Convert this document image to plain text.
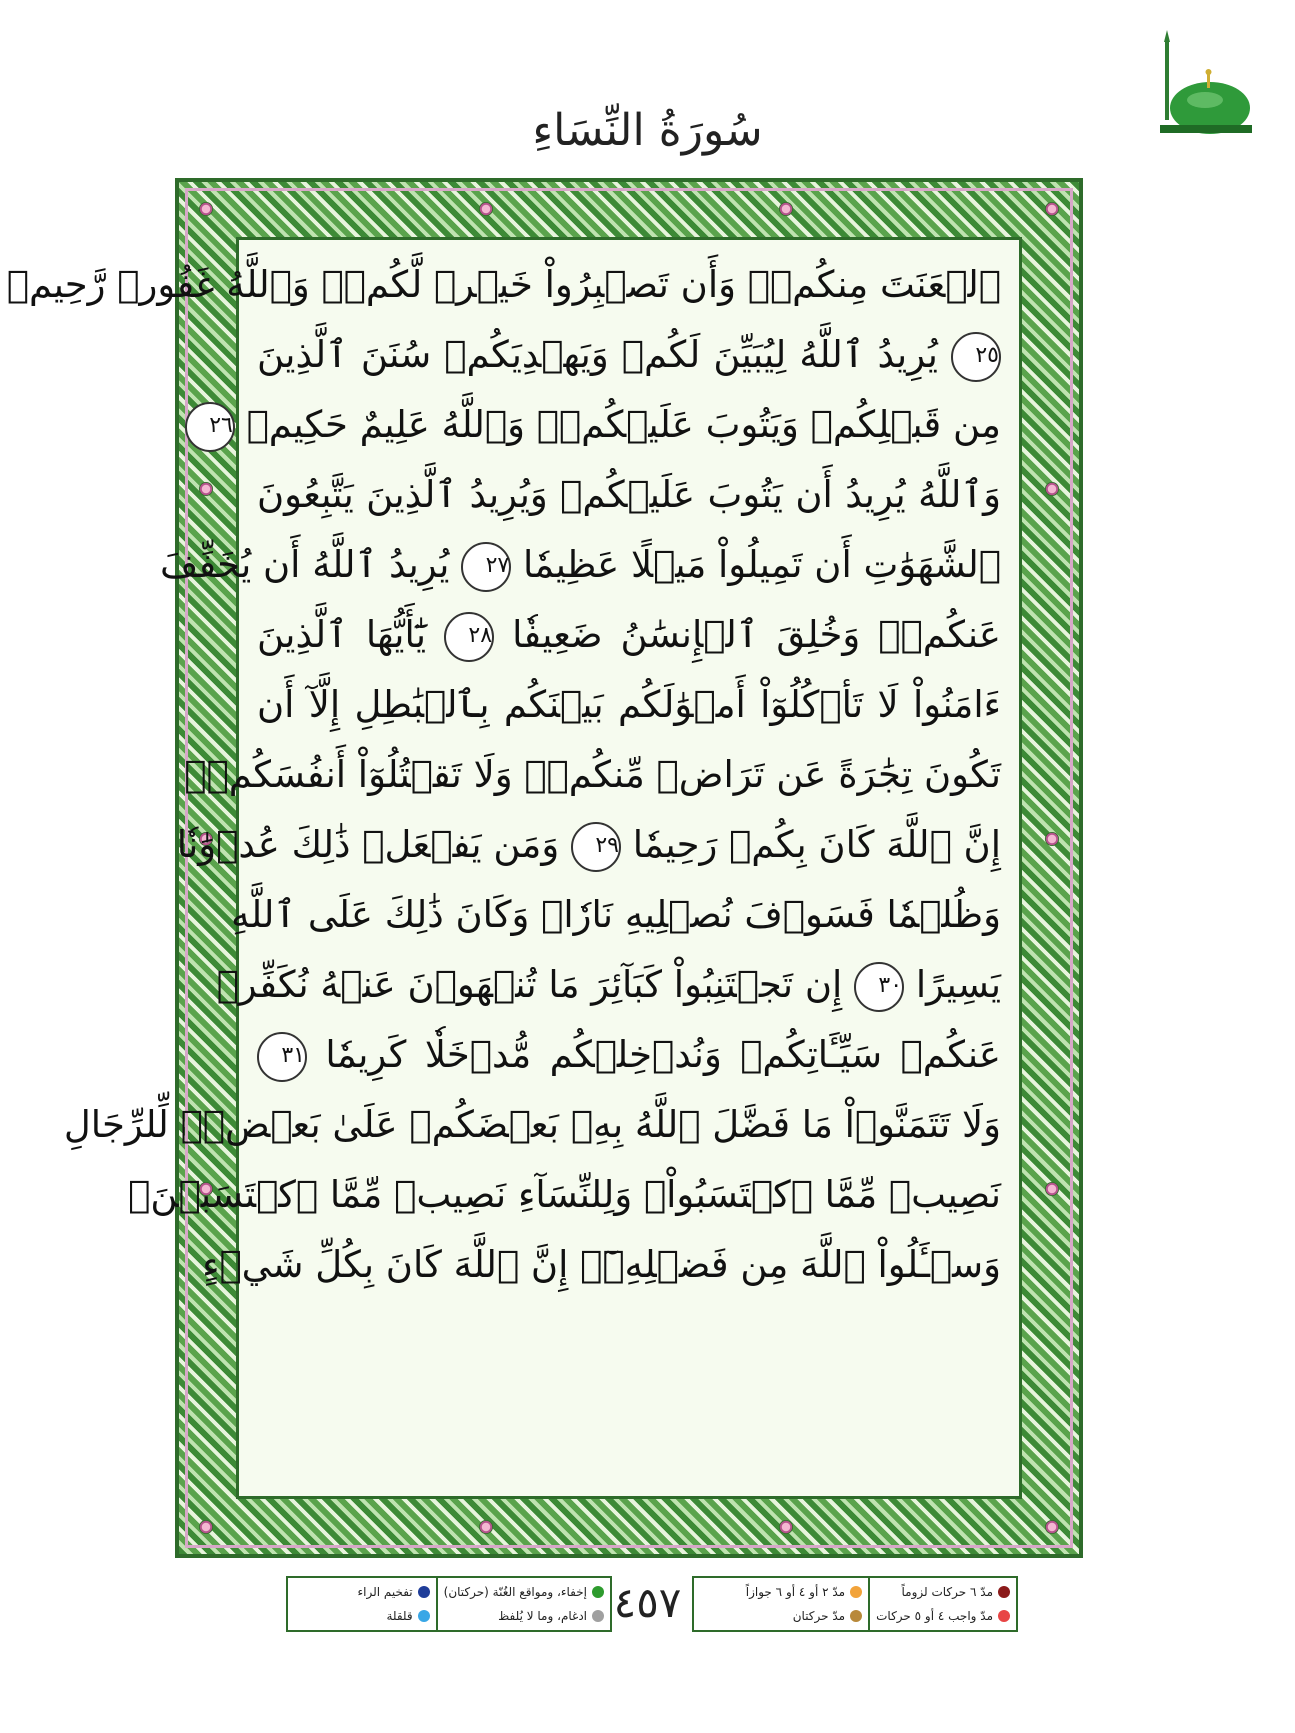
سُورَةُ النِّسَاءِ
ٱلۡعَنَتَ مِنكُمۡۚ وَأَن تَصۡبِرُواْ خَيۡرٞ لَّكُمۡۗ وَٱللَّهُ غَفُورٞ رَّحِيمٞ
٢٥ يُرِيدُ ٱللَّهُ لِيُبَيِّنَ لَكُمۡ وَيَهۡدِيَكُمۡ سُنَنَ ٱلَّذِينَ
مِن قَبۡلِكُمۡ وَيَتُوبَ عَلَيۡكُمۡۗ وَٱللَّهُ عَلِيمٌ حَكِيمٞ ٢٦
وَٱللَّهُ يُرِيدُ أَن يَتُوبَ عَلَيۡكُمۡ وَيُرِيدُ ٱلَّذِينَ يَتَّبِعُونَ
ٱلشَّهَوَٰتِ أَن تَمِيلُواْ مَيۡلًا عَظِيمٗا ٢٧ يُرِيدُ ٱللَّهُ أَن يُخَفِّفَ
عَنكُمۡۚ وَخُلِقَ ٱلۡإِنسَٰنُ ضَعِيفٗا ٢٨ يَٰٓأَيُّهَا ٱلَّذِينَ
ءَامَنُواْ لَا تَأۡكُلُوٓاْ أَمۡوَٰلَكُم بَيۡنَكُم بِٱلۡبَٰطِلِ إِلَّآ أَن
تَكُونَ تِجَٰرَةً عَن تَرَاضٖ مِّنكُمۡۚ وَلَا تَقۡتُلُوٓاْ أَنفُسَكُمۡۚ
إِنَّ ٱللَّهَ كَانَ بِكُمۡ رَحِيمٗا ٢٩ وَمَن يَفۡعَلۡ ذَٰلِكَ عُدۡوَٰنٗا
وَظُلۡمٗا فَسَوۡفَ نُصۡلِيهِ نَارٗاۚ وَكَانَ ذَٰلِكَ عَلَى ٱللَّهِ
يَسِيرًا ٣٠ إِن تَجۡتَنِبُواْ كَبَآئِرَ مَا تُنۡهَوۡنَ عَنۡهُ نُكَفِّرۡ
عَنكُمۡ سَيِّـَٔاتِكُمۡ وَنُدۡخِلۡكُم مُّدۡخَلٗا كَرِيمٗا ٣١
وَلَا تَتَمَنَّوۡاْ مَا فَضَّلَ ٱللَّهُ بِهِۦ بَعۡضَكُمۡ عَلَىٰ بَعۡضٖۚ لِّلرِّجَالِ
نَصِيبٞ مِّمَّا ٱكۡتَسَبُواْۖ وَلِلنِّسَآءِ نَصِيبٞ مِّمَّا ٱكۡتَسَبۡنَۚ
وَسۡـَٔلُواْ ٱللَّهَ مِن فَضۡلِهِۦٓۚ إِنَّ ٱللَّهَ كَانَ بِكُلِّ شَيۡءٍ
٤٥٧
إخفاء، ومواقع الغُنّة (حركتان)
ادغام، وما لا يُلفظ
تفخيم الراء
قلقلة
مدّ ٦ حركات لزوماً
مدّ واجب ٤ أو ٥ حركات
مدّ ٢ أو ٤ أو ٦ جوازاً
مدّ حركتان
